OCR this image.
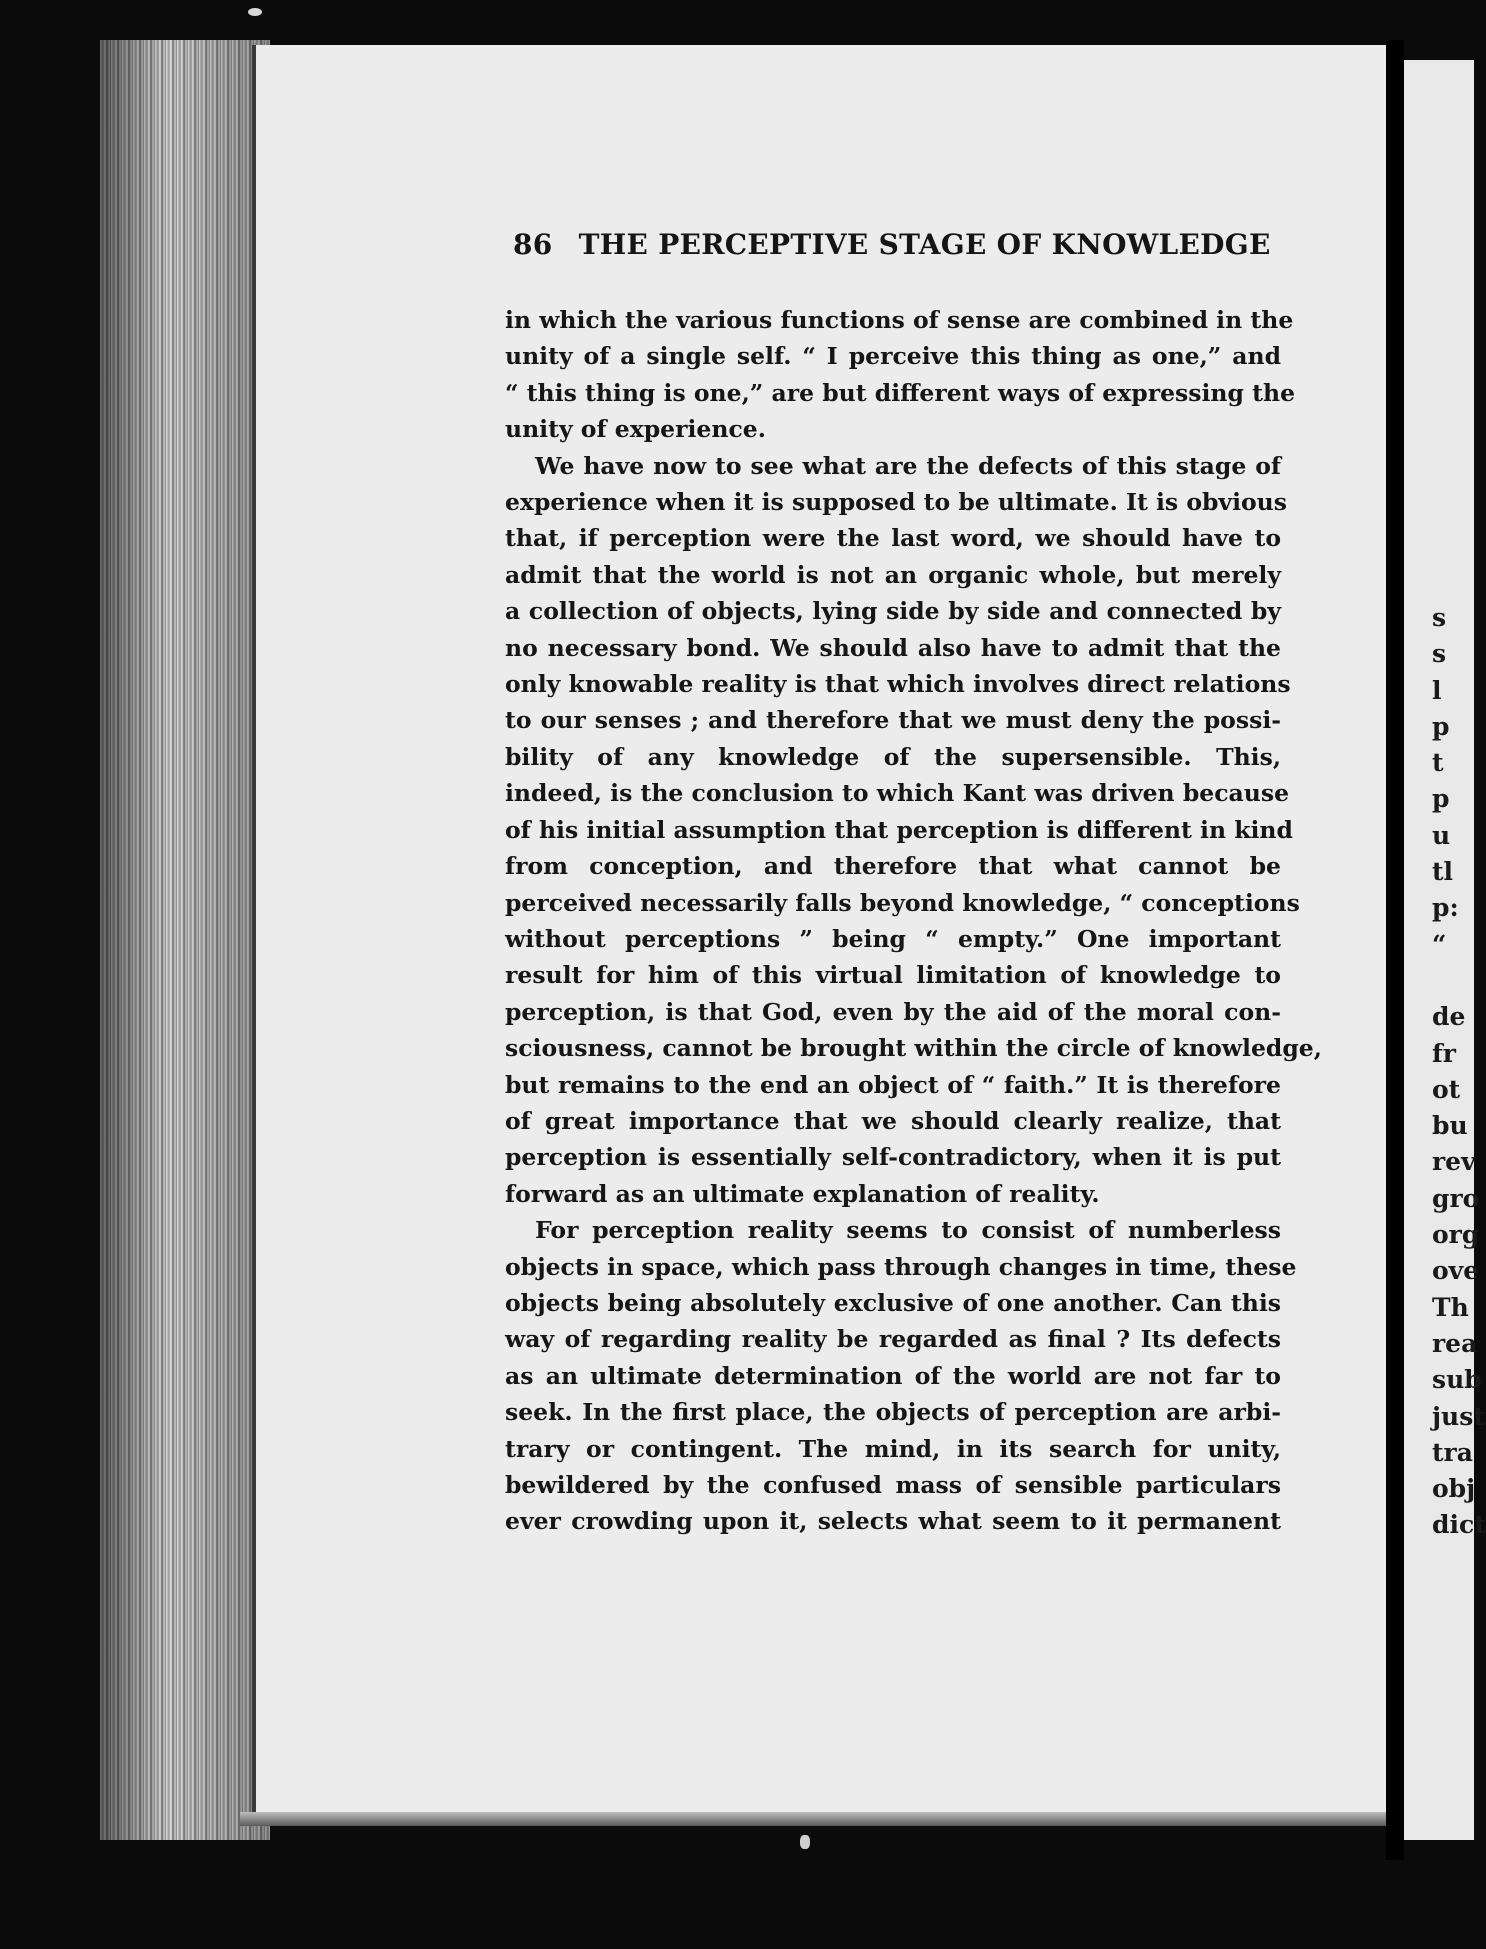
s
s
l
p
t
p
u
tl
p:
“

de
fr
ot
bu
rev
gro
org
ove
Th
rea
sub
just
tra
obj
dict
86 THE PERCEPTIVE STAGE OF KNOWLEDGE
in which the various functions of sense are combined in the
unity of a single self. “ I perceive this thing as one,” and
“ this thing is one,” are but different ways of expressing the
unity of experience.
We have now to see what are the defects of this stage of
experience when it is supposed to be ultimate. It is obvious
that, if perception were the last word, we should have to
admit that the world is not an organic whole, but merely
a collection of objects, lying side by side and connected by
no necessary bond. We should also have to admit that the
only knowable reality is that which involves direct relations
to our senses ; and therefore that we must deny the possi-
bility of any knowledge of the supersensible. This,
indeed, is the conclusion to which Kant was driven because
of his initial assumption that perception is different in kind
from conception, and therefore that what cannot be
perceived necessarily falls beyond knowledge, “ conceptions
without perceptions ” being “ empty.” One important
result for him of this virtual limitation of knowledge to
perception, is that God, even by the aid of the moral con-
sciousness, cannot be brought within the circle of knowledge,
but remains to the end an object of “ faith.” It is therefore
of great importance that we should clearly realize, that
perception is essentially self-contradictory, when it is put
forward as an ultimate explanation of reality.
For perception reality seems to consist of numberless
objects in space, which pass through changes in time, these
objects being absolutely exclusive of one another. Can this
way of regarding reality be regarded as final ? Its defects
as an ultimate determination of the world are not far to
seek. In the first place, the objects of perception are arbi-
trary or contingent. The mind, in its search for unity,
bewildered by the confused mass of sensible particulars
ever crowding upon it, selects what seem to it permanent
